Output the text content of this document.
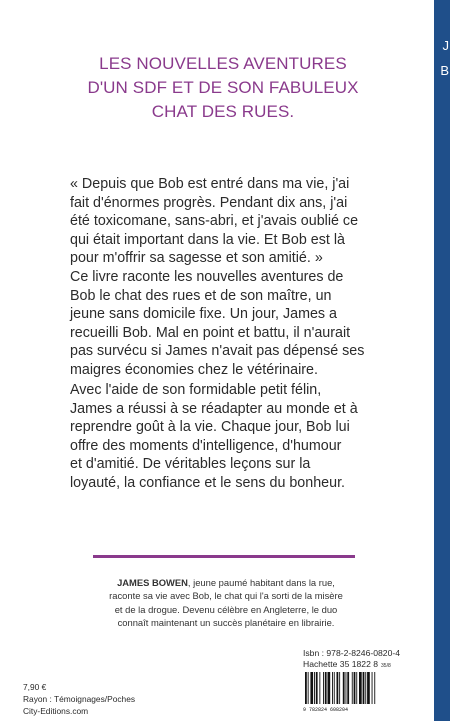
J
B
LES NOUVELLES AVENTURES
D'UN SDF ET DE SON FABULEUX
CHAT DES RUES.
« Depuis que Bob est entré dans ma vie, j'ai
fait d'énormes progrès. Pendant dix ans, j'ai
été toxicomane, sans-abri, et j'avais oublié ce
qui était important dans la vie. Et Bob est là
pour m'offrir sa sagesse et son amitié. »
Ce livre raconte les nouvelles aventures de
Bob le chat des rues et de son maître, un
jeune sans domicile fixe. Un jour, James a
recueilli Bob. Mal en point et battu, il n'aurait
pas survécu si James n'avait pas dépensé ses
maigres économies chez le vétérinaire.
Avec l'aide de son formidable petit félin,
James a réussi à se réadapter au monde et à
reprendre goût à la vie. Chaque jour, Bob lui
offre des moments d'intelligence, d'humour
et d'amitié. De véritables leçons sur la
loyauté, la confiance et le sens du bonheur.
JAMES BOWEN, jeune paumé habitant dans la rue,
raconte sa vie avec Bob, le chat qui l'a sorti de la misère
et de la drogue. Devenu célèbre en Angleterre, le duo
connaît maintenant un succès planétaire en librairie.
Isbn : 978-2-8246-0820-4
Hachette 35 1822 8 35/8
9 782824 608204
7,90 €
Rayon : Témoignages/Poches
City-Editions.com
